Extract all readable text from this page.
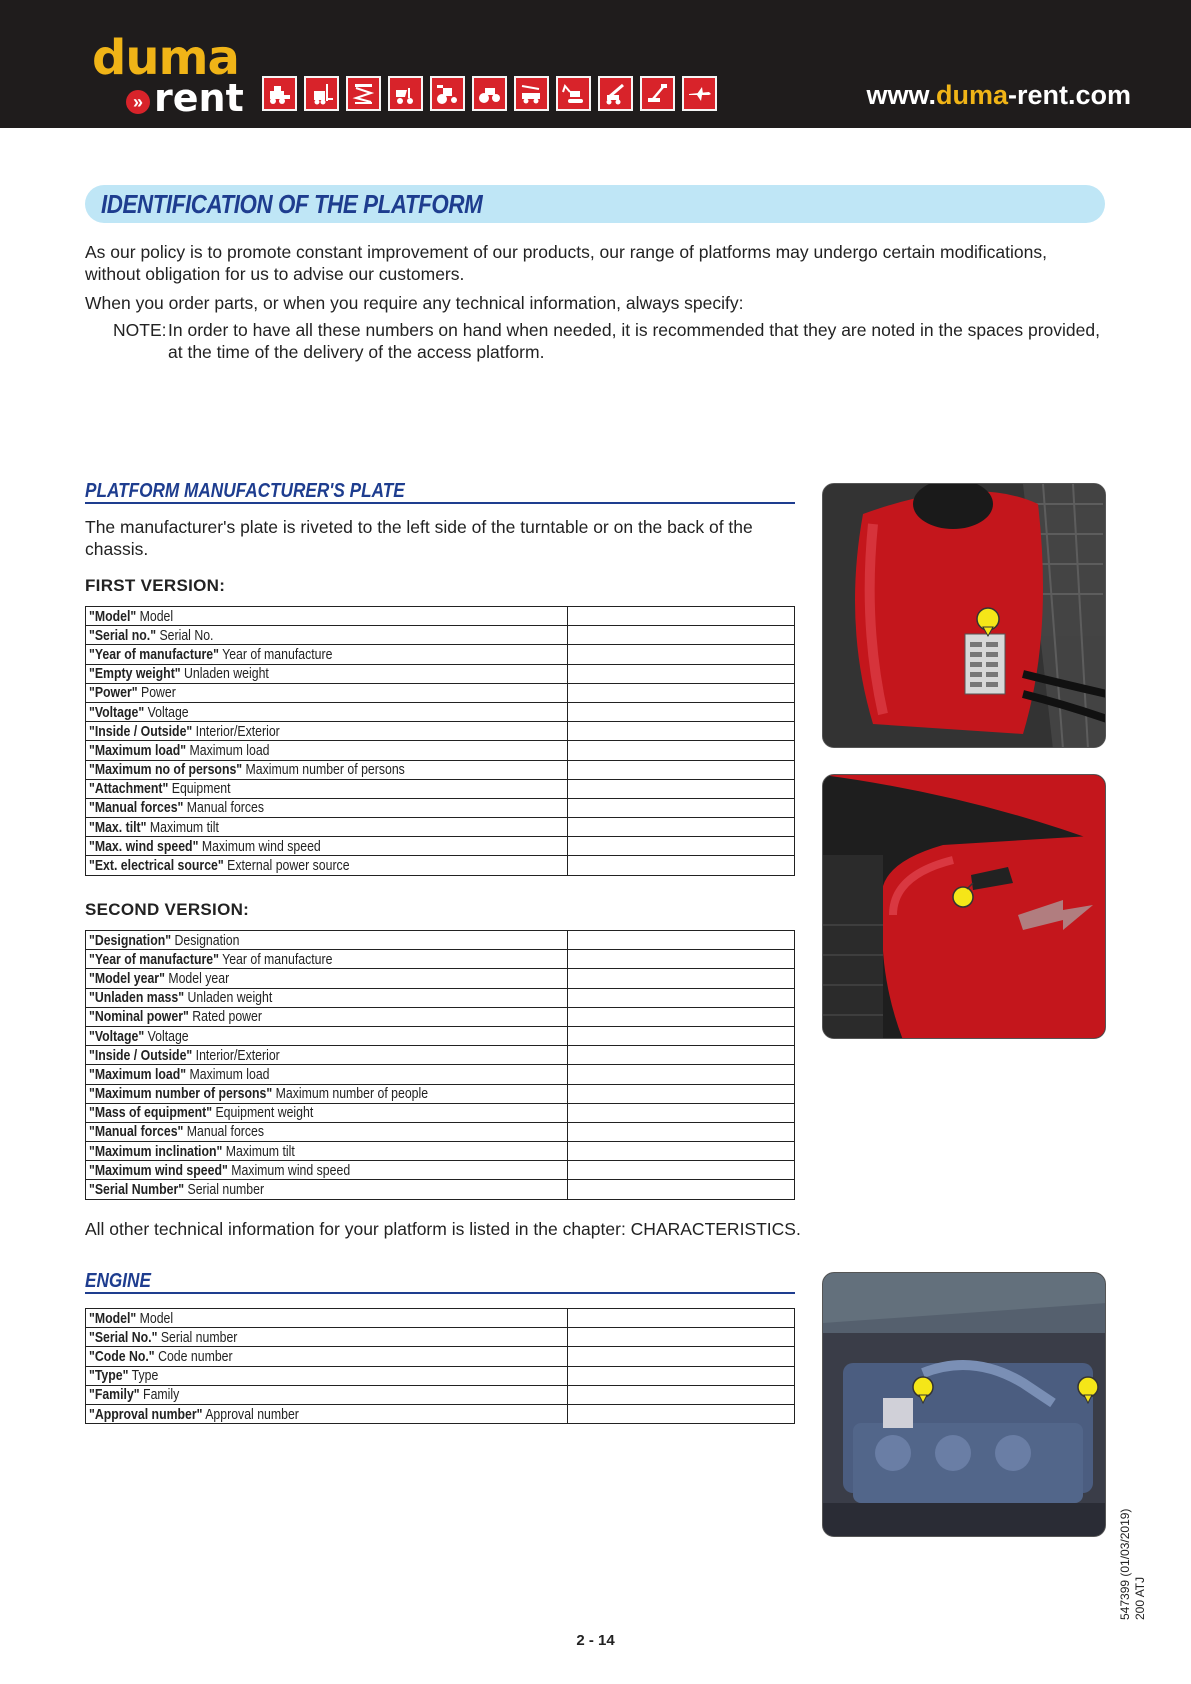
duma
» rent	www.duma-rent.com
IDENTIFICATION OF THE PLATFORM
As our policy is to promote constant improvement of our products, our range of platforms may undergo certain modifications, without obligation for us to advise our customers.
When you order parts, or when you require any technical information, always specify:
NOTE: In order to have all these numbers on hand when needed, it is recommended that they are noted in the spaces provided, at the time of the delivery of the access platform.
PLATFORM MANUFACTURER'S PLATE
The manufacturer's plate is riveted to the left side of the turntable or on the back of the chassis.
FIRST VERSION:
"Model" Model	
"Serial no." Serial No.	
"Year of manufacture" Year of manufacture	
"Empty weight" Unladen weight	
"Power" Power	
"Voltage" Voltage	
"Inside / Outside" Interior/Exterior	
"Maximum load" Maximum load	
"Maximum no of persons" Maximum number of persons	
"Attachment" Equipment	
"Manual forces" Manual forces	
"Max. tilt" Maximum tilt	
"Max. wind speed" Maximum wind speed	
"Ext. electrical source" External power source	
SECOND VERSION:
"Designation" Designation	
"Year of manufacture" Year of manufacture	
"Model year" Model year	
"Unladen mass" Unladen weight	
"Nominal power" Rated power	
"Voltage" Voltage	
"Inside / Outside" Interior/Exterior	
"Maximum load" Maximum load	
"Maximum number of persons" Maximum number of people	
"Mass of equipment" Equipment weight	
"Manual forces" Manual forces	
"Maximum inclination" Maximum tilt	
"Maximum wind speed" Maximum wind speed	
"Serial Number" Serial number	
All other technical information for your platform is listed in the chapter: CHARACTERISTICS.
ENGINE
"Model" Model	
"Serial No." Serial number	
"Code No." Code number	
"Type" Type	
"Family" Family	
"Approval number" Approval number	
547399 (01/03/2019) 200 ATJ
2 - 14
